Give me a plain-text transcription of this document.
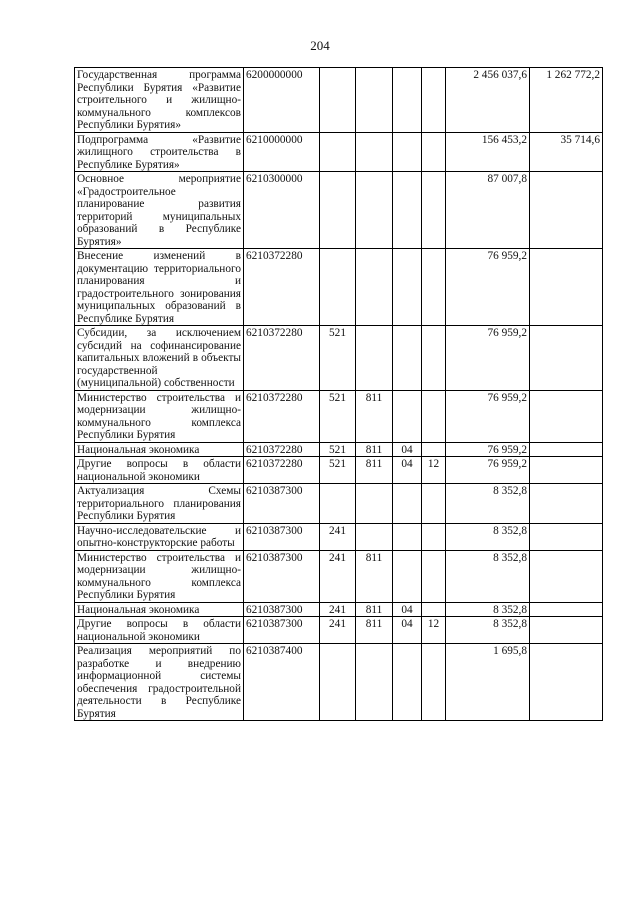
204
Государственная программа Республики Бурятия «Развитие строительного и жилищно-коммунального комплексов Республики Бурятия»	6200000000					2 456 037,6	1 262 772,2
Подпрограмма «Развитие жилищного строительства в Республике Бурятия»	6210000000					156 453,2	35 714,6
Основное мероприятие «Градостроительное планирование развития территорий муниципальных образований в Республике Бурятия»	6210300000					87 007,8	
Внесение изменений в документацию территориального планирования и градостроительного зонирования муниципальных образований в Республике Бурятия	6210372280					76 959,2	
Субсидии, за исключением субсидий на софинансирование капитальных вложений в объекты государственной (муниципальной) собственности	6210372280	521				76 959,2	
Министерство строительства и модернизации жилищно-коммунального комплекса Республики Бурятия	6210372280	521	811			76 959,2	
Национальная экономика	6210372280	521	811	04		76 959,2	
Другие вопросы в области национальной экономики	6210372280	521	811	04	12	76 959,2	
Актуализация Схемы территориального планирования Республики Бурятия	6210387300					8 352,8	
Научно-исследовательские и опытно-конструкторские работы	6210387300	241				8 352,8	
Министерство строительства и модернизации жилищно-коммунального комплекса Республики Бурятия	6210387300	241	811			8 352,8	
Национальная экономика	6210387300	241	811	04		8 352,8	
Другие вопросы в области национальной экономики	6210387300	241	811	04	12	8 352,8	
Реализация мероприятий по разработке и внедрению информационной системы обеспечения градостроительной деятельности в Республике Бурятия	6210387400					1 695,8	
